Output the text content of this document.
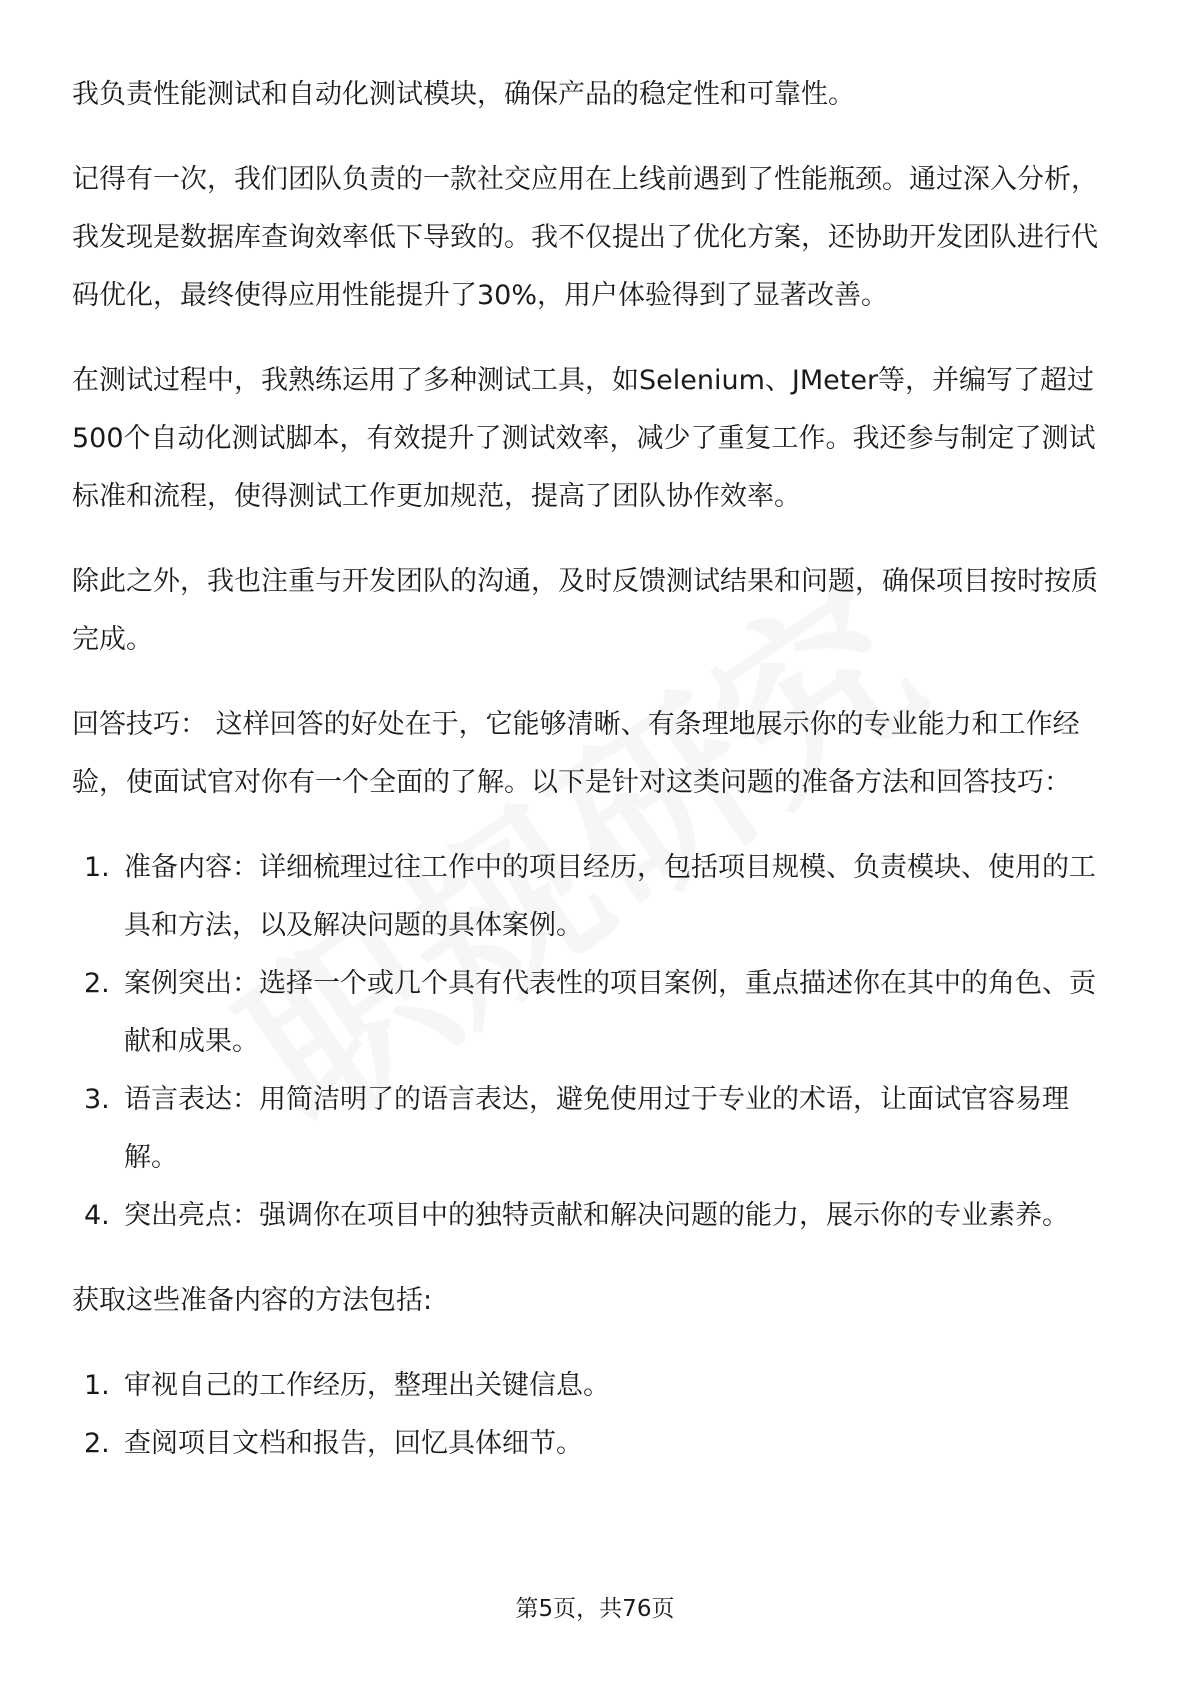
我负责性能测试和自动化测试模块，确保产品的稳定性和可靠性。

记得有一次，我们团队负责的一款社交应用在上线前遇到了性能瓶颈。通过深入分析，我发现是数据库查询效率低下导致的。我不仅提出了优化方案，还协助开发团队进行代码优化，最终使得应用性能提升了30%，用户体验得到了显著改善。

在测试过程中，我熟练运用了多种测试工具，如Selenium、JMeter等，并编写了超过500个自动化测试脚本，有效提升了测试效率，减少了重复工作。我还参与制定了测试标准和流程，使得测试工作更加规范，提高了团队协作效率。

除此之外，我也注重与开发团队的沟通，及时反馈测试结果和问题，确保项目按时按质完成。

回答技巧： 这样回答的好处在于，它能够清晰、有条理地展示你的专业能力和工作经验，使面试官对你有一个全面的了解。以下是针对这类问题的准备方法和回答技巧：

1. 准备内容：详细梳理过往工作中的项目经历，包括项目规模、负责模块、使用的工具和方法，以及解决问题的具体案例。
2. 案例突出：选择一个或几个具有代表性的项目案例，重点描述你在其中的角色、贡献和成果。
3. 语言表达：用简洁明了的语言表达，避免使用过于专业的术语，让面试官容易理解。
4. 突出亮点：强调你在项目中的独特贡献和解决问题的能力，展示你的专业素养。

获取这些准备内容的方法包括:

1. 审视自己的工作经历，整理出关键信息。
2. 查阅项目文档和报告，回忆具体细节。
第5页，共76页
